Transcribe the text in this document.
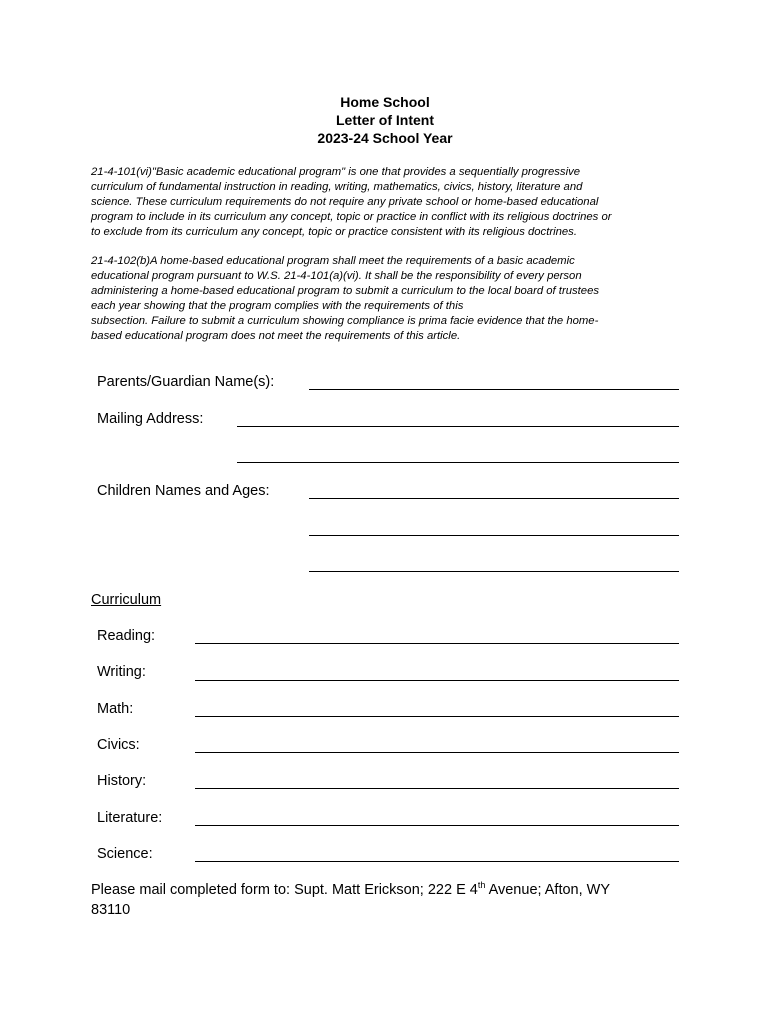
Home School
Letter of Intent
2023-24 School Year
21-4-101(vi)"Basic academic educational program" is one that provides a sequentially progressive
curriculum of fundamental instruction in reading, writing, mathematics, civics, history, literature and
science. These curriculum requirements do not require any private school or home-based educational
program to include in its curriculum any concept, topic or practice in conflict with its religious doctrines or
to exclude from its curriculum any concept, topic or practice consistent with its religious doctrines.
21-4-102(b)A home-based educational program shall meet the requirements of a basic academic
educational program pursuant to W.S. 21-4-101(a)(vi). It shall be the responsibility of every person
administering a home-based educational program to submit a curriculum to the local board of trustees
each year showing that the program complies with the requirements of this
subsection. Failure to submit a curriculum showing compliance is prima facie evidence that the home-
based educational program does not meet the requirements of this article.
Parents/Guardian Name(s):
Mailing Address:
Children Names and Ages:
Curriculum
Reading:
Writing:
Math:
Civics:
History:
Literature:
Science:
Please mail completed form to: Supt. Matt Erickson; 222 E 4th Avenue; Afton, WY
83110
